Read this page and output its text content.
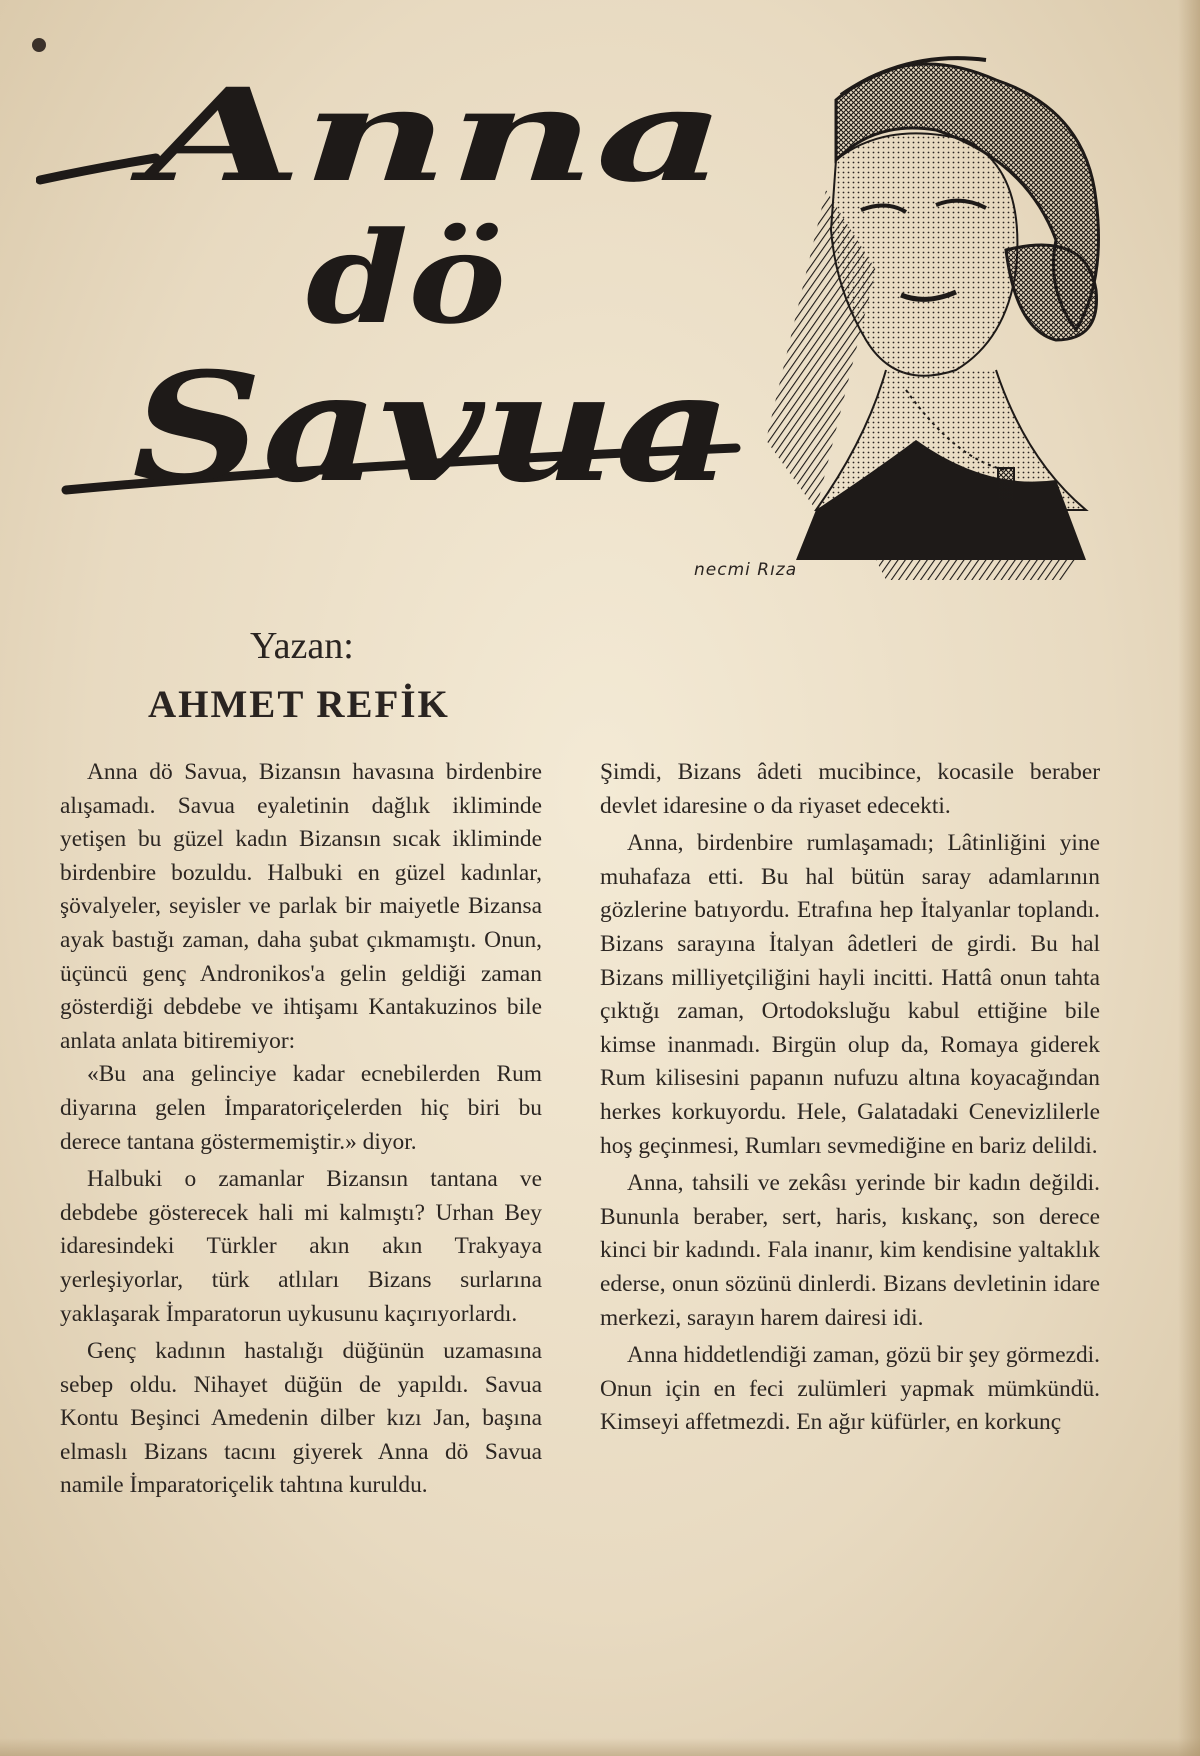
Anna
dö
Savua
necmi Rıza
Yazan:
AHMET REFİK

Anna dö Savua, Bizansın havasına birdenbire alışamadı. Savua eyaletinin dağlık ikliminde yetişen bu güzel kadın Bizansın sıcak ikliminde birdenbire bozuldu. Halbuki en güzel kadınlar, şövalyeler, seyisler ve parlak bir maiyetle Bizansa ayak bastığı zaman, daha şubat çıkmamıştı. Onun, üçüncü genç Andronikos'a gelin geldiği zaman gösterdiği debdebe ve ihtişamı Kantakuzinos bile anlata anlata bitiremiyor:

«Bu ana gelinciye kadar ecnebilerden Rum diyarına gelen İmparatoriçelerden hiç biri bu derece tantana göstermemiştir.» diyor.

Halbuki o zamanlar Bizansın tantana ve debdebe gösterecek hali mi kalmıştı? Urhan Bey idaresindeki Türkler akın akın Trakyaya yerleşiyorlar, türk atlıları Bizans surlarına yaklaşarak İmparatorun uykusunu kaçırıyorlardı.

Genç kadının hastalığı düğünün uzamasına sebep oldu. Nihayet düğün de yapıldı. Savua Kontu Beşinci Amedenin dilber kızı Jan, başına elmaslı Bizans tacını giyerek Anna dö Savua namile İmparatoriçelik tahtına kuruldu.

Şimdi, Bizans âdeti mucibince, kocasile beraber devlet idaresine o da riyaset edecekti.

Anna, birdenbire rumlaşamadı; Lâtinliğini yine muhafaza etti. Bu hal bütün saray adamlarının gözlerine batıyordu. Etrafına hep İtalyanlar toplandı. Bizans sarayına İtalyan âdetleri de girdi. Bu hal Bizans milliyetçiliğini hayli incitti. Hattâ onun tahta çıktığı zaman, Ortodoksluğu kabul ettiğine bile kimse inanmadı. Birgün olup da, Romaya giderek Rum kilisesini papanın nufuzu altına koyacağından herkes korkuyordu. Hele, Galatadaki Cenevizlilerle hoş geçinmesi, Rumları sevmediğine en bariz delildi.

Anna, tahsili ve zekâsı yerinde bir kadın değildi. Bununla beraber, sert, haris, kıskanç, son derece kinci bir kadındı. Fala inanır, kim kendisine yaltaklık ederse, onun sözünü dinlerdi. Bizans devletinin idare merkezi, sarayın harem dairesi idi.

Anna hiddetlendiği zaman, gözü bir şey görmezdi. Onun için en feci zulümleri yapmak mümkündü. Kimseyi affetmezdi. En ağır küfürler, en korkunç
